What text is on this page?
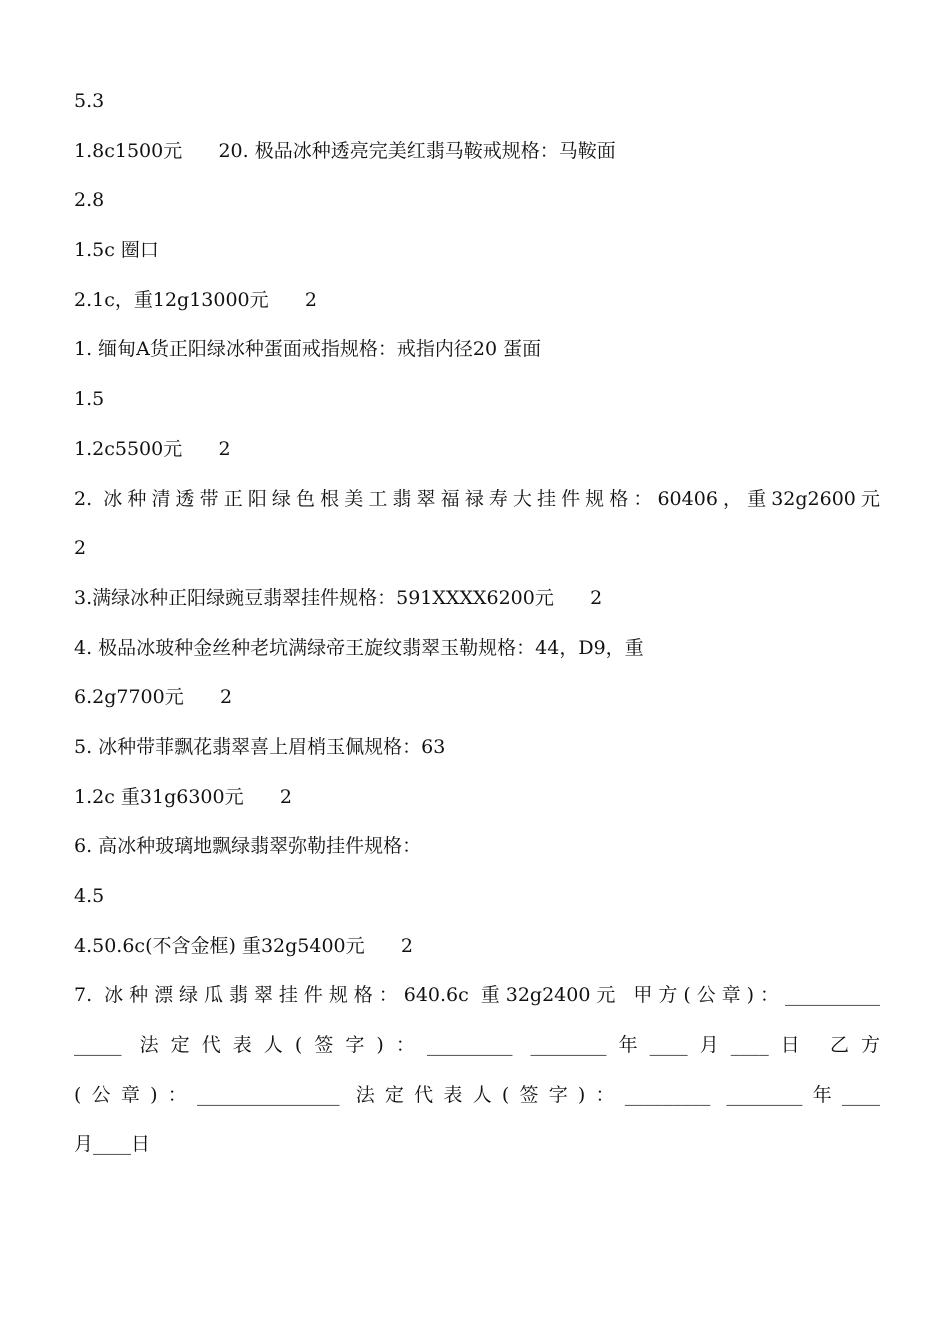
5.3
1.8c1500元      20. 极品冰种透亮完美红翡马鞍戒规格：马鞍面
2.8
1.5c 圈口
2.1c，重12g13000元      2
1. 缅甸A货正阳绿冰种蛋面戒指规格：戒指内径20 蛋面
1.5
1.2c5500元      2
2. 冰种清透带正阳绿色根美工翡翠福禄寿大挂件规格：60406，重32g2600元
2
3.满绿冰种正阳绿豌豆翡翠挂件规格：591XXXX6200元      2
4. 极品冰玻种金丝种老坑满绿帝王旋纹翡翠玉勒规格：44，D9，重
6.2g7700元      2
5. 冰种带菲飘花翡翠喜上眉梢玉佩规格：63
1.2c 重31g6300元      2
6. 高冰种玻璃地飘绿翡翠弥勒挂件规格：
4.5
4.50.6c(不含金框) 重32g5400元      2
7. 冰种漂绿瓜翡翠挂件规格：640.6c 重32g2400元 甲方(公章)：__________
_____ 法定代表人(签字)：_________ ________年____月____日 乙方
(公章)：_______________ 法定代表人(签字)：_________ ________年____
月____日
